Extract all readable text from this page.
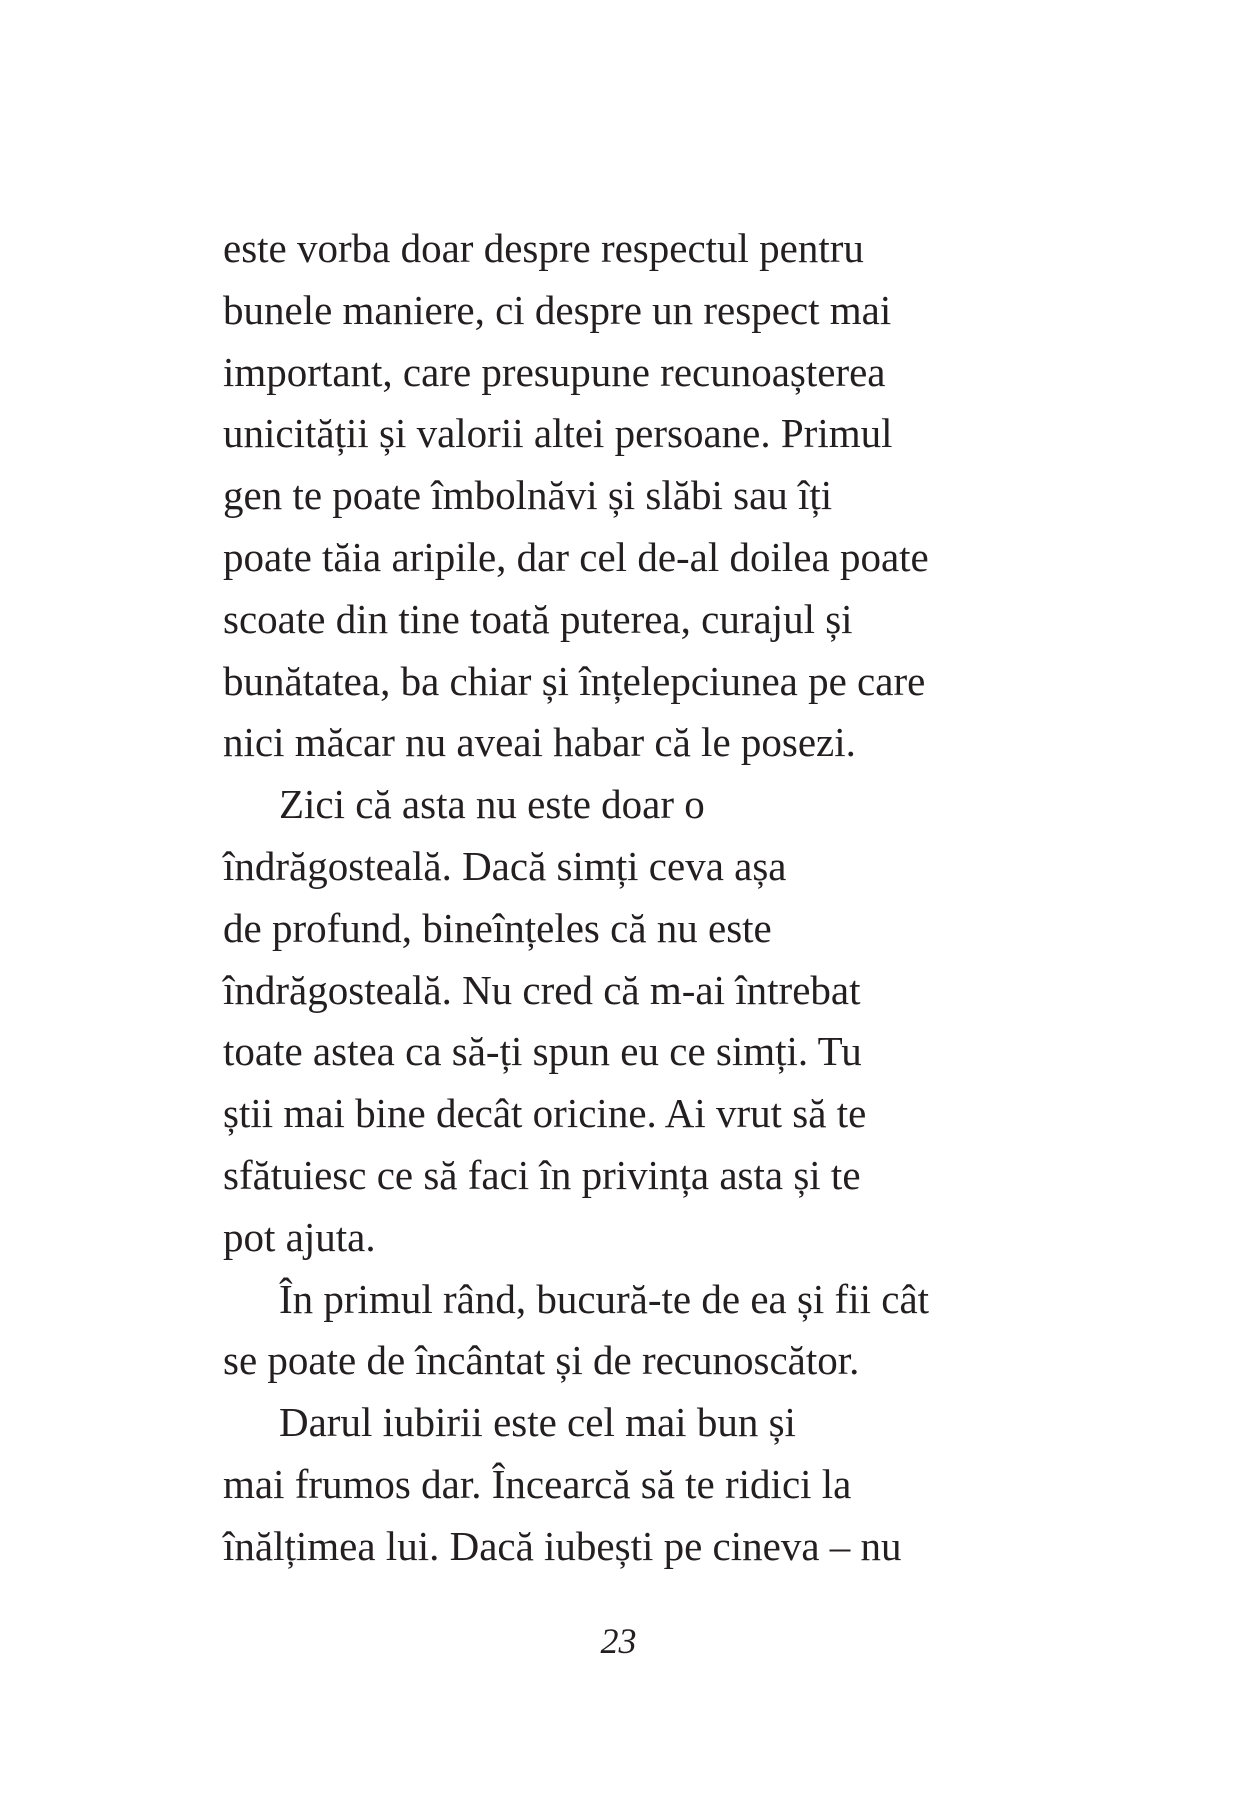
este vorba doar despre respectul pentru
bunele maniere, ci despre un respect mai
important, care presupune recunoașterea
unicității și valorii altei persoane. Primul
gen te poate îmbolnăvi și slăbi sau îți
poate tăia aripile, dar cel de-al doilea poate
scoate din tine toată puterea, curajul și
bunătatea, ba chiar și înțelepciunea pe care
nici măcar nu aveai habar că le posezi.
Zici că asta nu este doar o
îndrăgosteală. Dacă simți ceva așa
de profund, bineînțeles că nu este
îndrăgosteală. Nu cred că m-ai întrebat
toate astea ca să-ți spun eu ce simți. Tu
știi mai bine decât oricine. Ai vrut să te
sfătuiesc ce să faci în privința asta și te
pot ajuta.
În primul rând, bucură-te de ea și fii cât
se poate de încântat și de recunoscător.
Darul iubirii este cel mai bun și
mai frumos dar. Încearcă să te ridici la
înălțimea lui. Dacă iubești pe cineva – nu
23
